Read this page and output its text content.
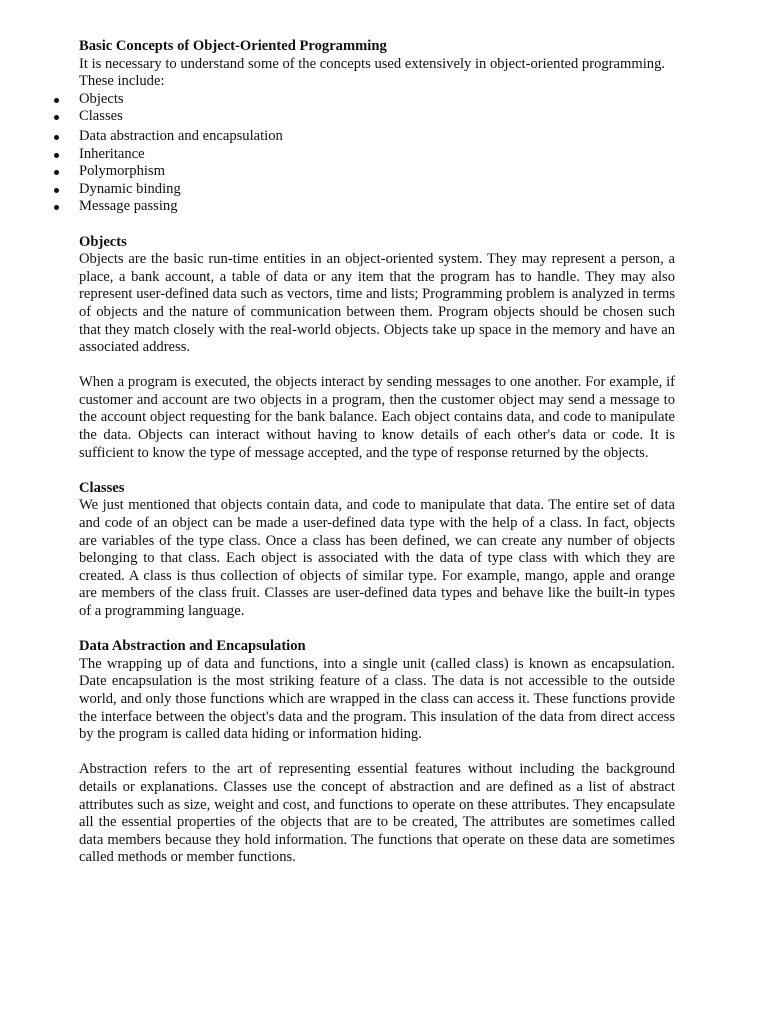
Basic Concepts of Object-Oriented Programming

It is necessary to understand some of the concepts used extensively in object-oriented programming. These include:

Objects
Classes
Data abstraction and encapsulation
Inheritance
Polymorphism
Dynamic binding
Message passing

Objects

Objects are the basic run-time entities in an object-oriented system. They may represent a person, a place, a bank account, a table of data or any item that the program has to handle. They may also represent user-defined data such as vectors, time and lists; Programming problem is analyzed in terms of objects and the nature of communication between them. Program objects should be chosen such that they match closely with the real-world objects. Objects take up space in the memory and have an associated address.

When a program is executed, the objects interact by sending messages to one another. For example, if customer and account are two objects in a program, then the customer object may send a message to the account object requesting for the bank balance. Each object contains data, and code to manipulate the data. Objects can interact without having to know details of each other's data or code. It is sufficient to know the type of message accepted, and the type of response returned by the objects.

Classes

We just mentioned that objects contain data, and code to manipulate that data. The entire set of data and code of an object can be made a user-defined data type with the help of a class. In fact, objects are variables of the type class. Once a class has been defined, we can create any number of objects belonging to that class. Each object is associated with the data of type class with which they are created. A class is thus collection of objects of similar type. For example, mango, apple and orange are members of the class fruit. Classes are user-defined data types and behave like the built-in types of a programming language.

Data Abstraction and Encapsulation

The wrapping up of data and functions, into a single unit (called class) is known as encapsulation. Date encapsulation is the most striking feature of a class. The data is not accessible to the outside world, and only those functions which are wrapped in the class can access it. These functions provide the interface between the object's data and the program. This insulation of the data from direct access by the program is called data hiding or information hiding.

Abstraction refers to the art of representing essential features without including the background details or explanations. Classes use the concept of abstraction and are defined as a list of abstract attributes such as size, weight and cost, and functions to operate on these attributes. They encapsulate all the essential properties of the objects that are to be created, The attributes are sometimes called data members because they hold information. The functions that operate on these data are sometimes called methods or member functions.
